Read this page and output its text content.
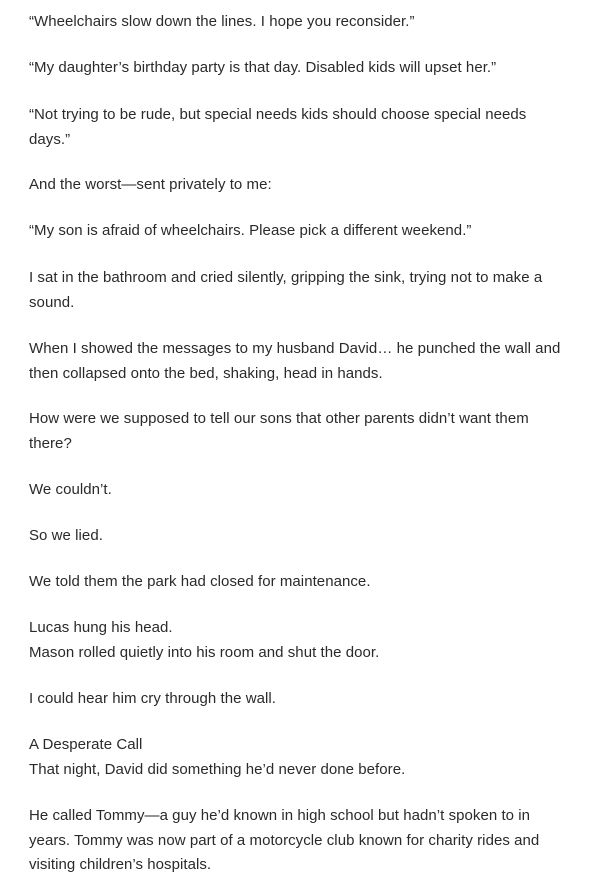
“Wheelchairs slow down the lines. I hope you reconsider.”

“My daughter’s birthday party is that day. Disabled kids will upset her.”

“Not trying to be rude, but special needs kids should choose special needs days.”

And the worst—sent privately to me:

“My son is afraid of wheelchairs. Please pick a different weekend.”

I sat in the bathroom and cried silently, gripping the sink, trying not to make a sound.

When I showed the messages to my husband David… he punched the wall and then collapsed onto the bed, shaking, head in hands.

How were we supposed to tell our sons that other parents didn’t want them there?

We couldn’t.

So we lied.

We told them the park had closed for maintenance.

Lucas hung his head.
Mason rolled quietly into his room and shut the door.

I could hear him cry through the wall.

A Desperate Call
That night, David did something he’d never done before.

He called Tommy—a guy he’d known in high school but hadn’t spoken to in years. Tommy was now part of a motorcycle club known for charity rides and visiting children’s hospitals.
